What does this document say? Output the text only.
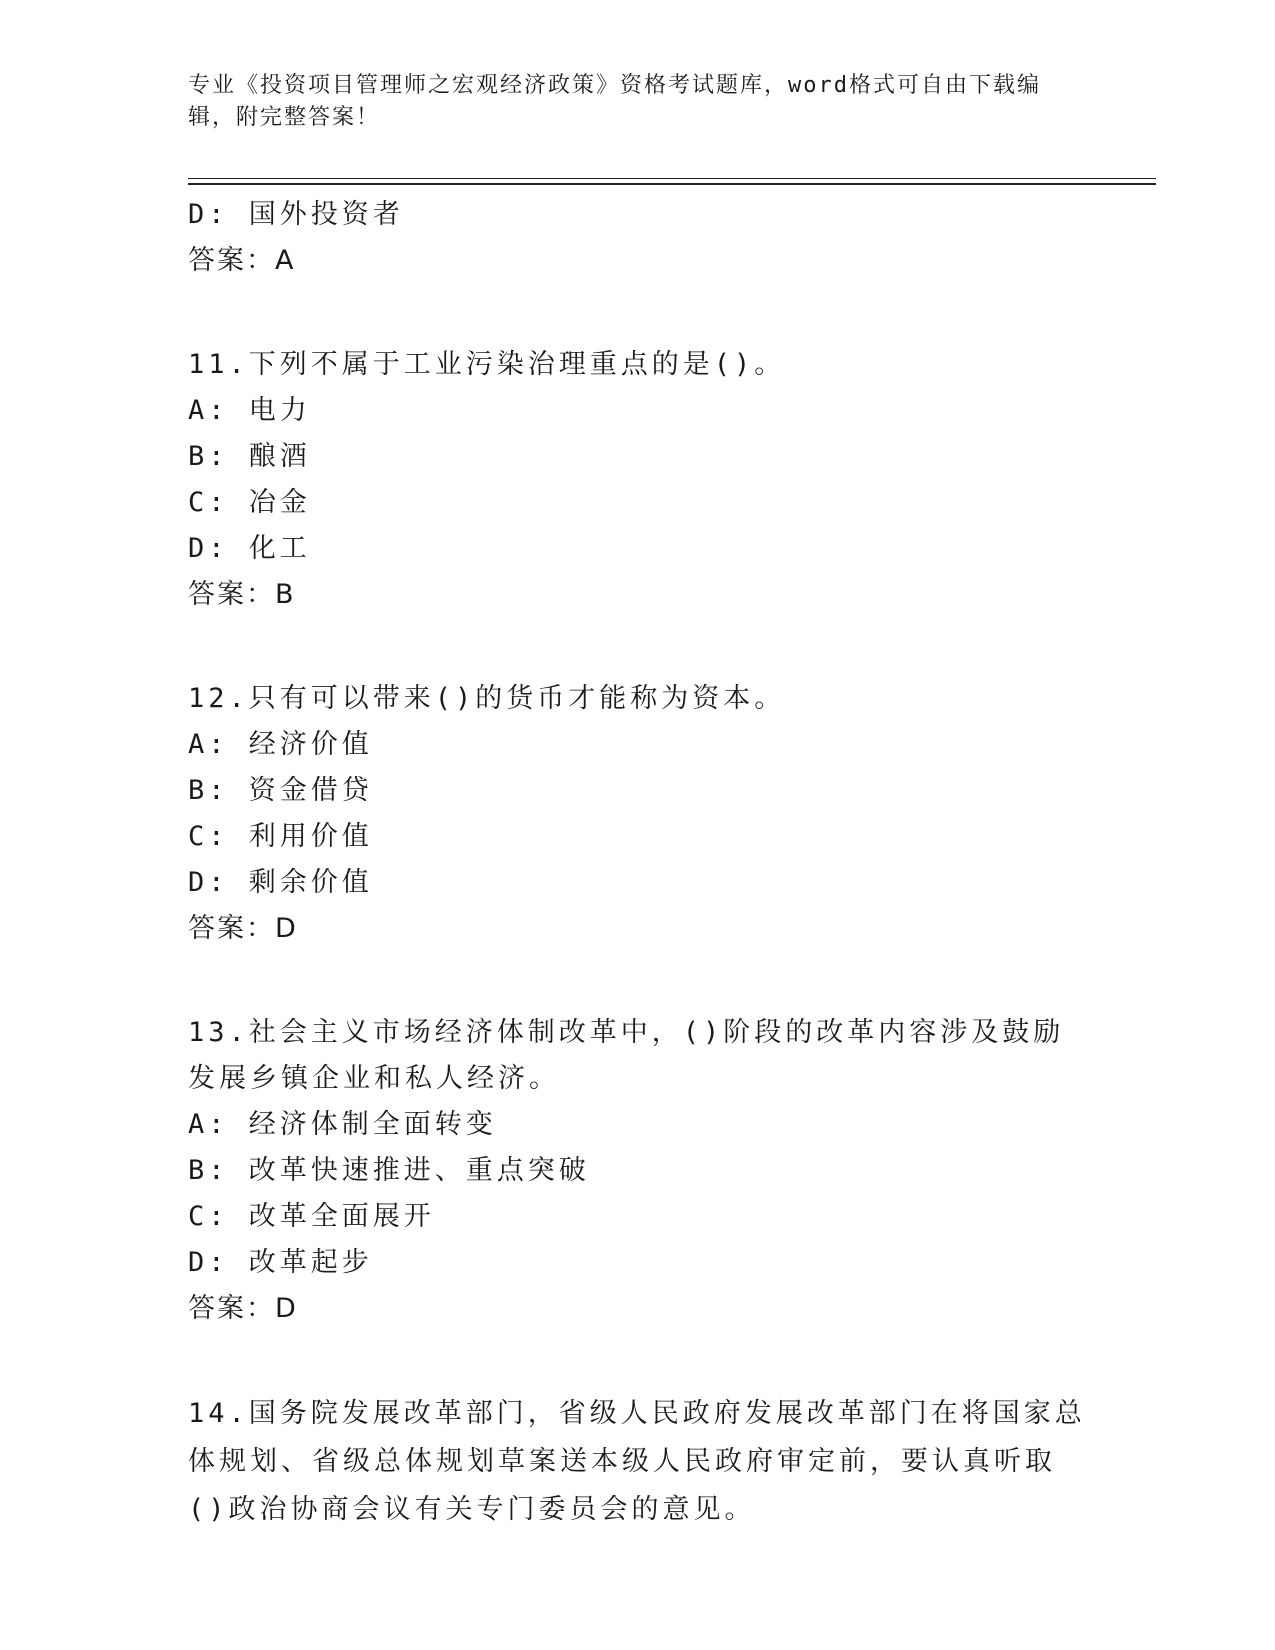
专业《投资项目管理师之宏观经济政策》资格考试题库，word格式可自由下载编辑，附完整答案！
D: 国外投资者
答案：A
11.下列不属于工业污染治理重点的是()。
A: 电力
B: 酿酒
C: 冶金
D: 化工
答案：B
12.只有可以带来()的货币才能称为资本。
A: 经济价值
B: 资金借贷
C: 利用价值
D: 剩余价值
答案：D
13.社会主义市场经济体制改革中，()阶段的改革内容涉及鼓励发展乡镇企业和私人经济。
A: 经济体制全面转变
B: 改革快速推进、重点突破
C: 改革全面展开
D: 改革起步
答案：D
14.国务院发展改革部门，省级人民政府发展改革部门在将国家总体规划、省级总体规划草案送本级人民政府审定前，要认真听取()政治协商会议有关专门委员会的意见。
